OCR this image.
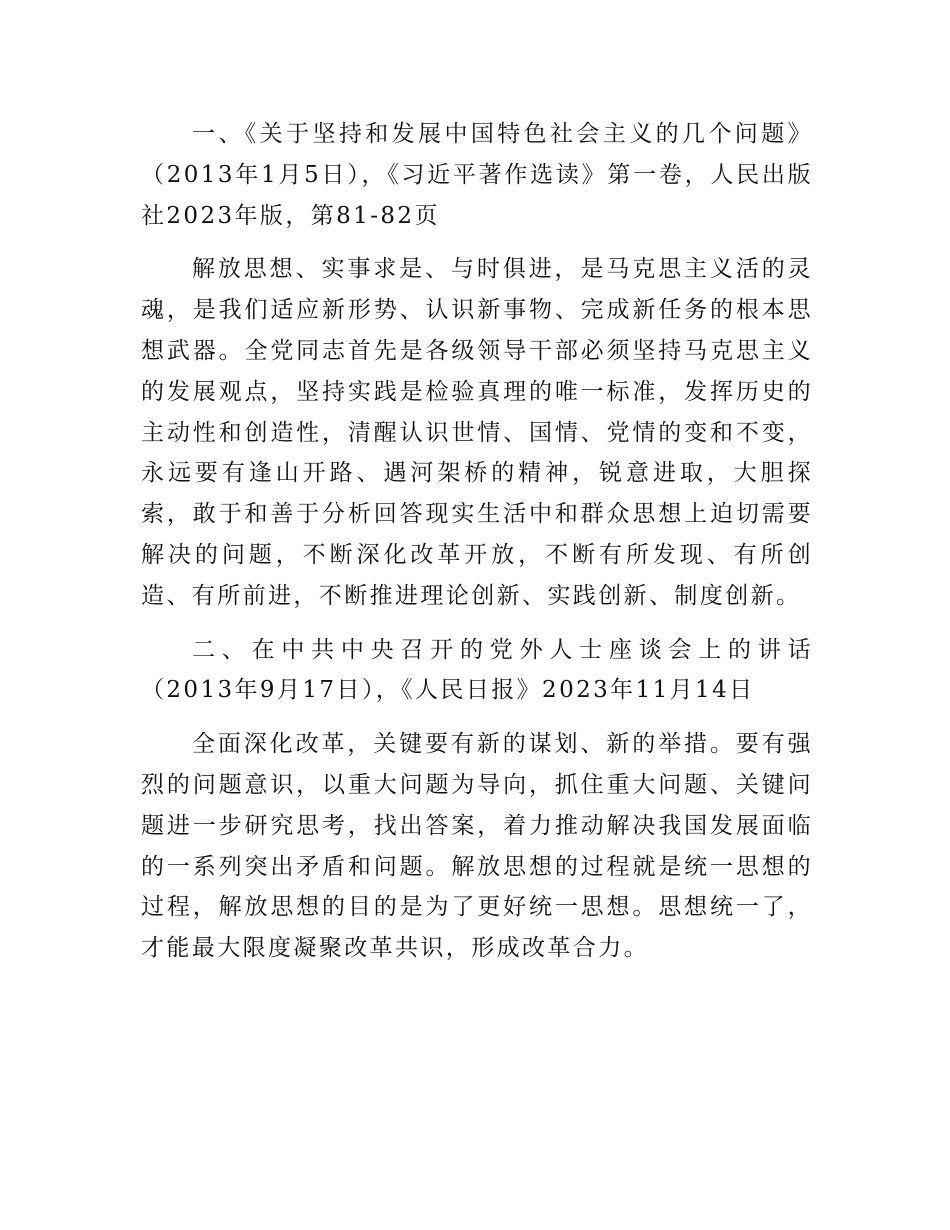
一、《关于坚持和发展中国特色社会主义的几个问题》（2013年1月5日），《习近平著作选读》第一卷，人民出版社2023年版，第81-82页

解放思想、实事求是、与时俱进，是马克思主义活的灵魂，是我们适应新形势、认识新事物、完成新任务的根本思想武器。全党同志首先是各级领导干部必须坚持马克思主义的发展观点，坚持实践是检验真理的唯一标准，发挥历史的主动性和创造性，清醒认识世情、国情、党情的变和不变，永远要有逢山开路、遇河架桥的精神，锐意进取，大胆探索，敢于和善于分析回答现实生活中和群众思想上迫切需要解决的问题，不断深化改革开放，不断有所发现、有所创造、有所前进，不断推进理论创新、实践创新、制度创新。

二、在中共中央召开的党外人士座谈会上的讲话（2013年9月17日），《人民日报》2023年11月14日

全面深化改革，关键要有新的谋划、新的举措。要有强烈的问题意识，以重大问题为导向，抓住重大问题、关键问题进一步研究思考，找出答案，着力推动解决我国发展面临的一系列突出矛盾和问题。解放思想的过程就是统一思想的过程，解放思想的目的是为了更好统一思想。思想统一了，才能最大限度凝聚改革共识，形成改革合力。
